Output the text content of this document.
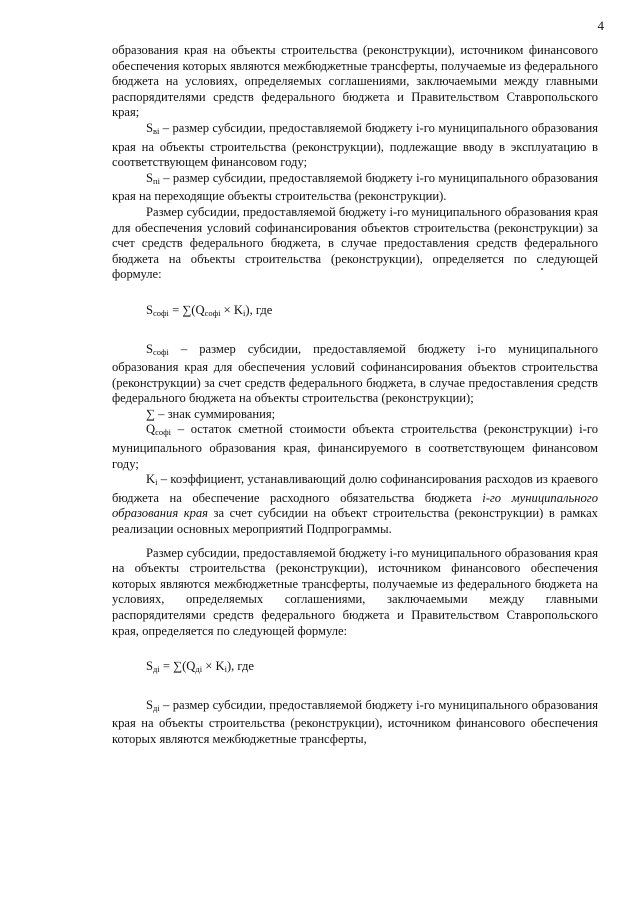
4

образования края на объекты строительства (реконструкции), источником финансового обеспечения которых являются межбюджетные трансферты, получаемые из федерального бюджета на условиях, определяемых соглашениями, заключаемыми между главными распорядителями средств федерального бюджета и Правительством Ставропольского края;

$S_{вi}$ – размер субсидии, предоставляемой бюджету i-го муниципального образования края на объекты строительства (реконструкции), подлежащие вводу в эксплуатацию в соответствующем финансовом году;

$S_{пi}$ – размер субсидии, предоставляемой бюджету i-го муниципального образования края на переходящие объекты строительства (реконструкции).

Размер субсидии, предоставляемой бюджету i-го муниципального образования края для обеспечения условий софинансирования объектов строительства (реконструкции) за счет средств федерального бюджета, в случае предоставления средств федерального бюджета на объекты строительства (реконструкции), определяется по следующей формуле:

$S_{софi} = \sum(Q_{софi} \times K_i)$, где

$S_{софi}$ – размер субсидии, предоставляемой бюджету i-го муниципального образования края для обеспечения условий софинансирования объектов строительства (реконструкции) за счет средств федерального бюджета, в случае предоставления средств федерального бюджета на объекты строительства (реконструкции);

∑ – знак суммирования;

$Q_{софi}$ – остаток сметной стоимости объекта строительства (реконструкции) i-го муниципального образования края, финансируемого в соответствующем финансовом году;

$K_i$ – коэффициент, устанавливающий долю софинансирования расходов из краевого бюджета на обеспечение расходного обязательства бюджета i-го муниципального образования края за счет субсидии на объект строительства (реконструкции) в рамках реализации основных мероприятий Подпрограммы.

Размер субсидии, предоставляемой бюджету i-го муниципального образования края на объекты строительства (реконструкции), источником финансового обеспечения которых являются межбюджетные трансферты, получаемые из федерального бюджета на условиях, определяемых соглашениями, заключаемыми между главными распорядителями средств федерального бюджета и Правительством Ставропольского края, определяется по следующей формуле:

$S_{дi} = \sum(Q_{дi} \times K_i)$, где

$S_{дi}$ – размер субсидии, предоставляемой бюджету i-го муниципального образования края на объекты строительства (реконструкции), источником финансового обеспечения которых являются межбюджетные трансферты,
